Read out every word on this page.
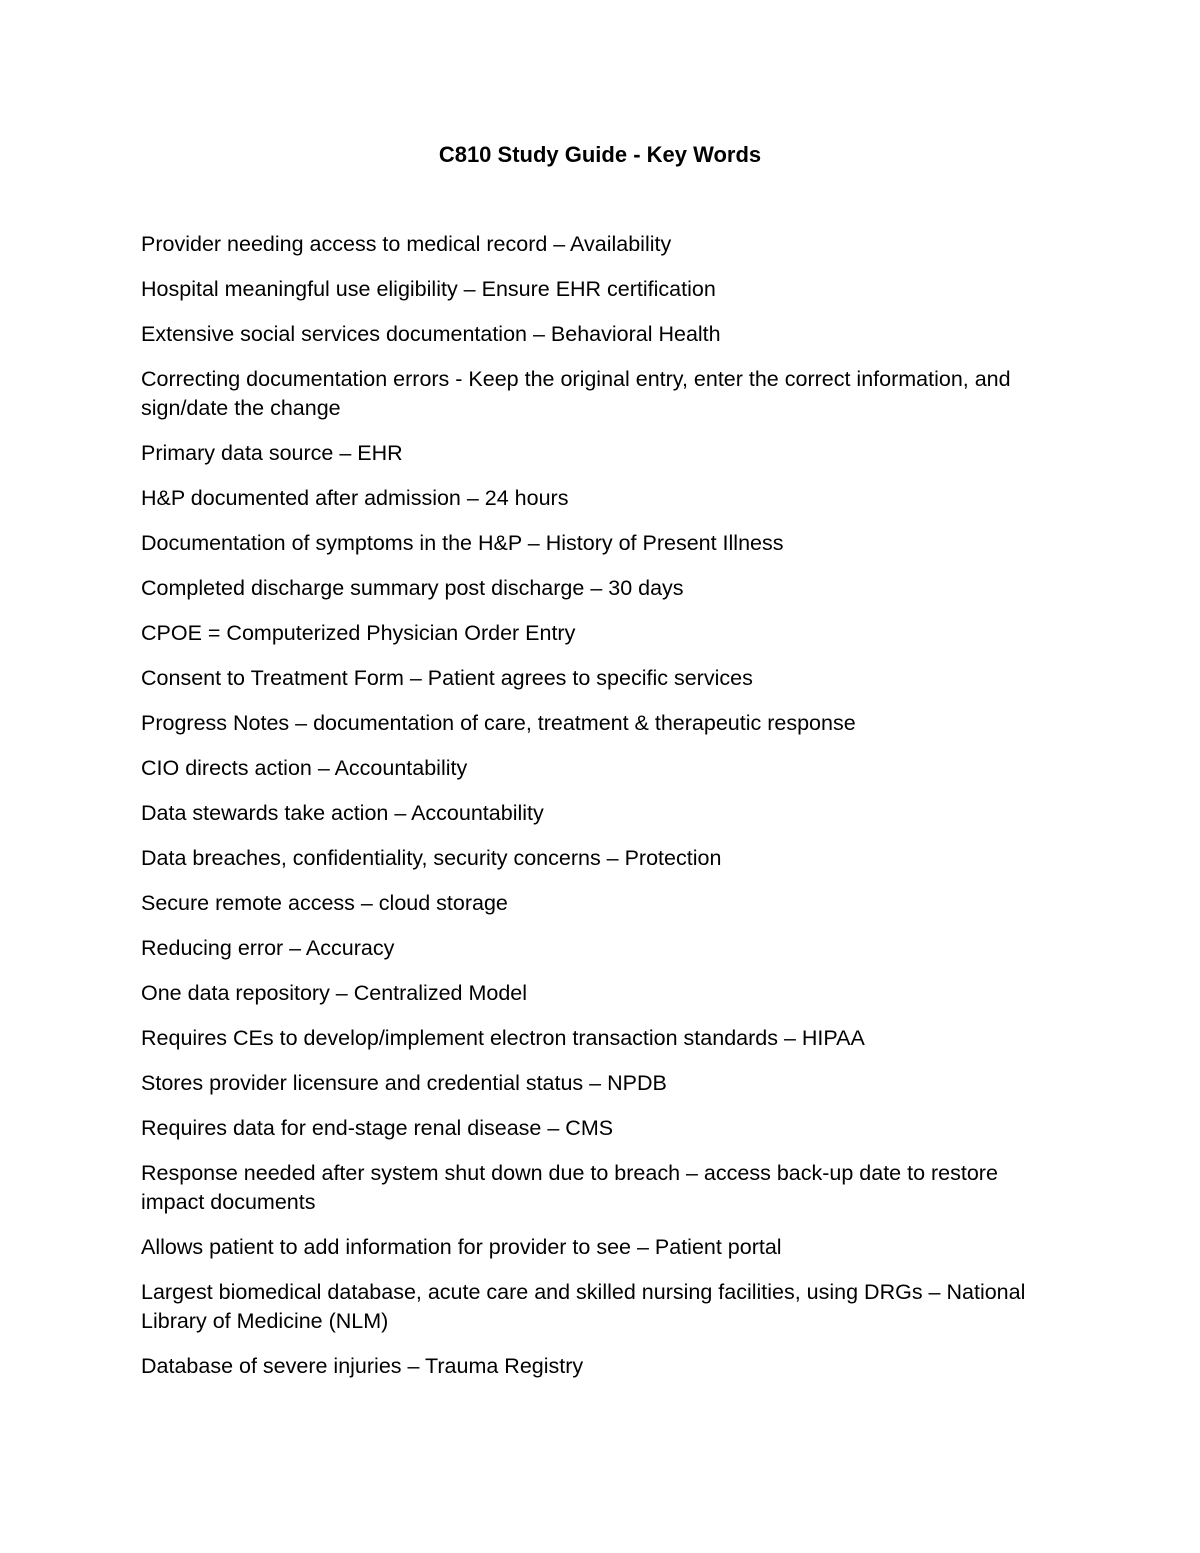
C810 Study Guide - Key Words

Provider needing access to medical record – Availability

Hospital meaningful use eligibility – Ensure EHR certification

Extensive social services documentation – Behavioral Health

Correcting documentation errors - Keep the original entry, enter the correct information, and sign/date the change

Primary data source – EHR

H&P documented after admission – 24 hours

Documentation of symptoms in the H&P – History of Present Illness

Completed discharge summary post discharge – 30 days

CPOE = Computerized Physician Order Entry

Consent to Treatment Form – Patient agrees to specific services

Progress Notes – documentation of care, treatment & therapeutic response

CIO directs action – Accountability

Data stewards take action – Accountability

Data breaches, confidentiality, security concerns – Protection

Secure remote access – cloud storage

Reducing error – Accuracy

One data repository – Centralized Model

Requires CEs to develop/implement electron transaction standards – HIPAA

Stores provider licensure and credential status – NPDB

Requires data for end-stage renal disease – CMS

Response needed after system shut down due to breach – access back-up date to restore impact documents

Allows patient to add information for provider to see – Patient portal

Largest biomedical database, acute care and skilled nursing facilities, using DRGs – National Library of Medicine (NLM)

Database of severe injuries – Trauma Registry
